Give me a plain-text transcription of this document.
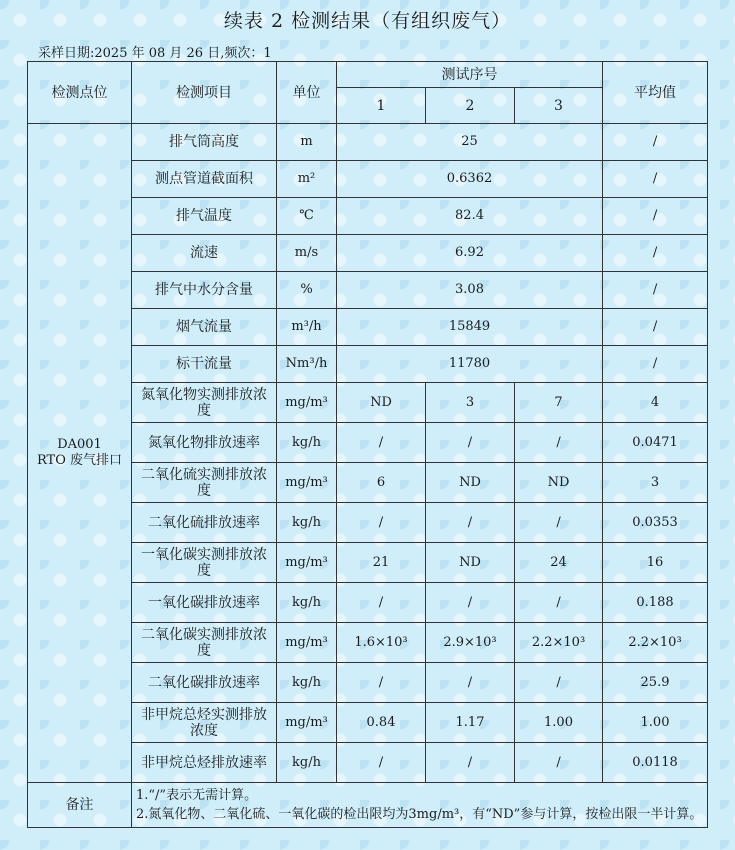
续表 2 检测结果（有组织废气）
采样日期:2025 年 08 月 26 日,频次：1
检测点位	检测项目	单位	测试序号			平均值
			1	2	3	

DA001
RTO 废气排口	排气筒高度	m	25			/
	测点管道截面积	m²	0.6362			/
	排气温度	℃	82.4			/
	流速	m/s	6.92			/
	排气中水分含量	%	3.08			/
	烟气流量	m³/h	15849			/
	标干流量	Nm³/h	11780			/
	氮氧化物实测排放浓度	mg/m³	ND	3	7	4
	氮氧化物排放速率	kg/h	/	/	/	0.0471
	二氧化硫实测排放浓度	mg/m³	6	ND	ND	3
	二氧化硫排放速率	kg/h	/	/	/	0.0353
	一氧化碳实测排放浓度	mg/m³	21	ND	24	16
	一氧化碳排放速率	kg/h	/	/	/	0.188
	二氧化碳实测排放浓度	mg/m³	1.6×10³	2.9×10³	2.2×10³	2.2×10³
	二氧化碳排放速率	kg/h	/	/	/	25.9
	非甲烷总烃实测排放浓度	mg/m³	0.84	1.17	1.00	1.00
	非甲烷总烃排放速率	kg/h	/	/	/	0.0118
备注	1.“/”表示无需计算。
2.氮氧化物、二氧化硫、一氧化碳的检出限均为3mg/m³，有“ND”参与计算，按检出限一半计算。					
